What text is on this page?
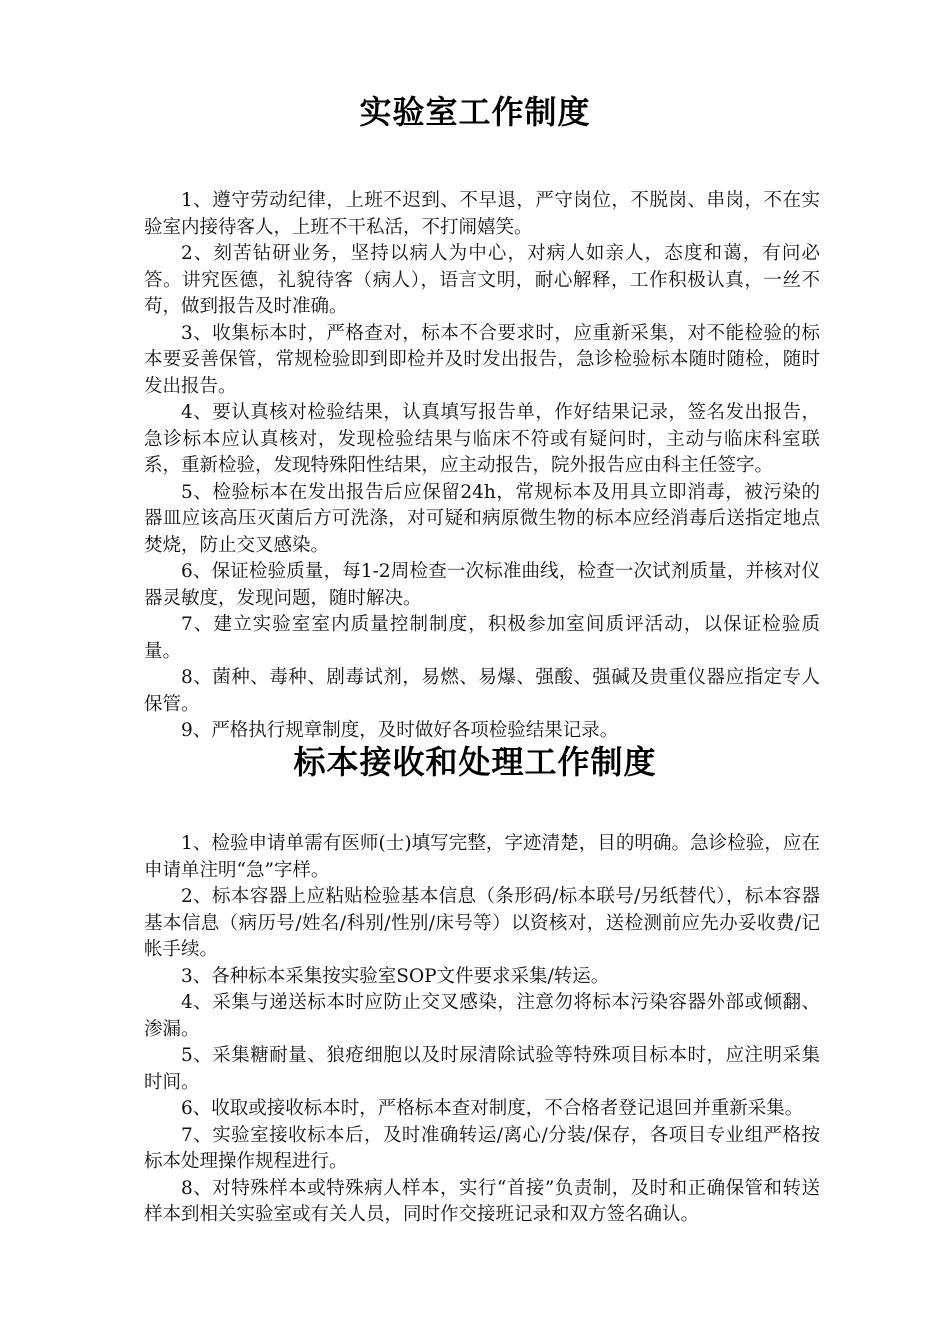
实验室工作制度

1、遵守劳动纪律，上班不迟到、不早退，严守岗位，不脱岗、串岗，不在实验室内接待客人，上班不干私活，不打闹嬉笑。

2、刻苦钻研业务，坚持以病人为中心，对病人如亲人，态度和蔼，有问必答。讲究医德，礼貌待客（病人），语言文明，耐心解释，工作积极认真，一丝不苟，做到报告及时准确。

3、收集标本时，严格查对，标本不合要求时，应重新采集，对不能检验的标本要妥善保管，常规检验即到即检并及时发出报告，急诊检验标本随时随检，随时发出报告。

4、要认真核对检验结果，认真填写报告单，作好结果记录，签名发出报告，急诊标本应认真核对，发现检验结果与临床不符或有疑问时，主动与临床科室联系，重新检验，发现特殊阳性结果，应主动报告，院外报告应由科主任签字。

5、检验标本在发出报告后应保留24h，常规标本及用具立即消毒，被污染的器皿应该高压灭菌后方可洗涤，对可疑和病原微生物的标本应经消毒后送指定地点焚烧，防止交叉感染。

6、保证检验质量，每1-2周检查一次标准曲线，检查一次试剂质量，并核对仪器灵敏度，发现问题，随时解决。

7、建立实验室室内质量控制制度，积极参加室间质评活动，以保证检验质量。

8、菌种、毒种、剧毒试剂，易燃、易爆、强酸、强碱及贵重仪器应指定专人保管。

9、严格执行规章制度，及时做好各项检验结果记录。

标本接收和处理工作制度

1、检验申请单需有医师(士)填写完整，字迹清楚，目的明确。急诊检验，应在申请单注明“急”字样。

2、标本容器上应粘贴检验基本信息（条形码/标本联号/另纸替代），标本容器基本信息（病历号/姓名/科别/性别/床号等）以资核对，送检测前应先办妥收费/记帐手续。

3、各种标本采集按实验室SOP文件要求采集/转运。

4、采集与递送标本时应防止交叉感染，注意勿将标本污染容器外部或倾翻、渗漏。

5、采集糖耐量、狼疮细胞以及时尿清除试验等特殊项目标本时，应注明采集时间。

6、收取或接收标本时，严格标本查对制度，不合格者登记退回并重新采集。

7、实验室接收标本后，及时准确转运/离心/分装/保存，各项目专业组严格按标本处理操作规程进行。

8、对特殊样本或特殊病人样本，实行“首接”负责制，及时和正确保管和转送样本到相关实验室或有关人员，同时作交接班记录和双方签名确认。
